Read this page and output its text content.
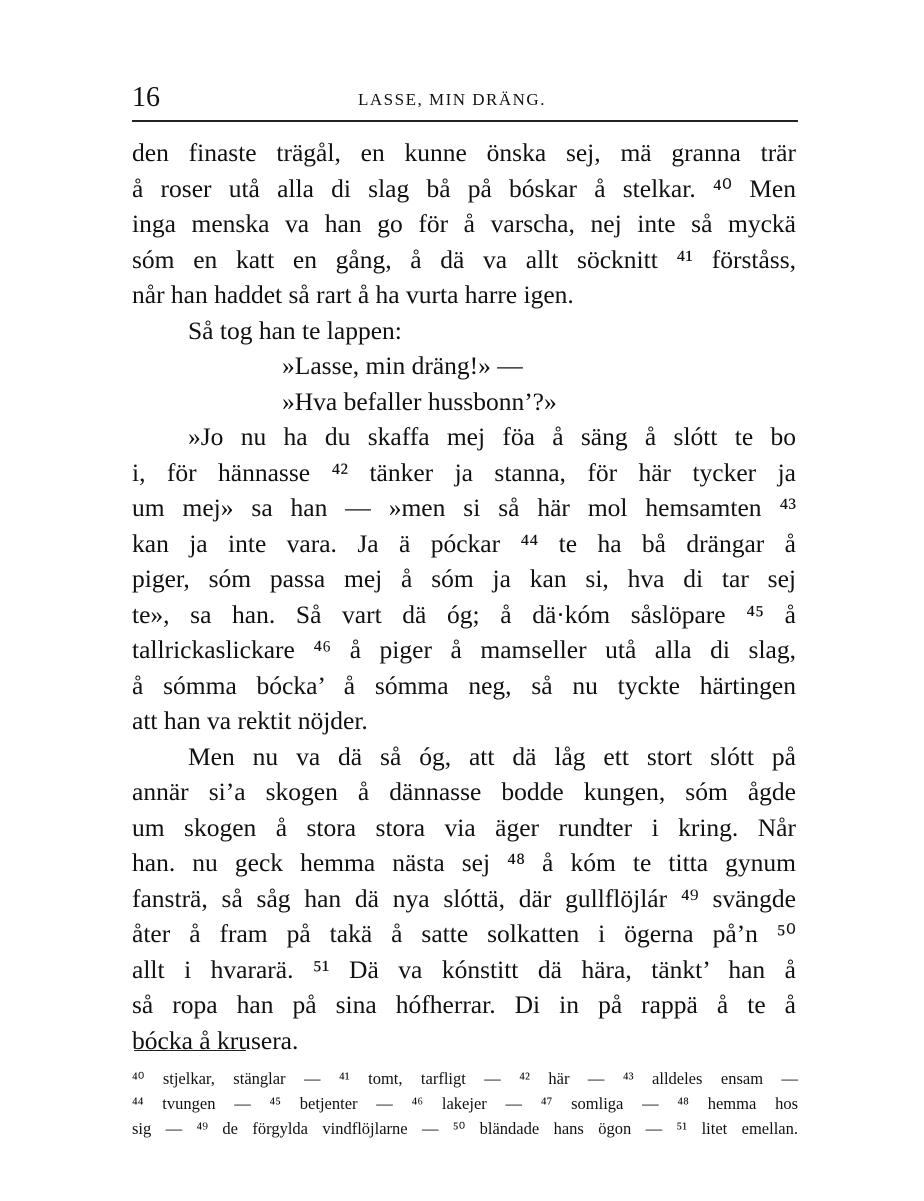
16	LASSE, MIN DRÄNG.
den finaste trägål, en kunne önska sej, mä granna trär
å roser utå alla di slag bå på bóskar å stelkar. ⁴⁰ Men
inga menska va han go för å varscha, nej inte så myckä
sóm en katt en gång, å dä va allt söcknitt ⁴¹ förståss,
når han haddet så rart å ha vurta harre igen.
Så tog han te lappen:
»Lasse, min dräng!» —
»Hva befaller hussbonn’?»
»Jo nu ha du skaffa mej föa å säng å slótt te bo
i, för hännasse ⁴² tänker ja stanna, för här tycker ja
um mej» sa han — »men si så här mol hemsamten ⁴³
kan ja inte vara. Ja ä póckar ⁴⁴ te ha bå drängar å
piger, sóm passa mej å sóm ja kan si, hva di tar sej
te», sa han. Så vart dä óg; å dä·kóm såslöpare ⁴⁵ å
tallrickaslickare ⁴⁶ å piger å mamseller utå alla di slag,
å sómma bócka’ å sómma neg, så nu tyckte härtingen
att han va rektit nöjder.
Men nu va dä så óg, att dä låg ett stort slótt på
annär si’a skogen å dännasse bodde kungen, sóm ågde
um skogen å stora stora via äger rundter i kring. Når
han. nu geck hemma nästa sej ⁴⁸ å kóm te titta gynum
fansträ, så såg han dä nya slóttä, där gullflöjlár ⁴⁹ svängde
åter å fram på takä å satte solkatten i ögerna på’n ⁵⁰
allt i hvararä. ⁵¹ Dä va kónstitt dä hära, tänkt’ han å
så ropa han på sina hófherrar. Di in på rappä å te å
bócka å krusera.
⁴⁰ stjelkar, stänglar — ⁴¹ tomt, tarfligt — ⁴² här — ⁴³ alldeles ensam —
⁴⁴ tvungen — ⁴⁵ betjenter — ⁴⁶ lakejer — ⁴⁷ somliga — ⁴⁸ hemma hos
sig — ⁴⁹ de förgylda vindflöjlarne — ⁵⁰ bländade hans ögon — ⁵¹ litet emellan.
